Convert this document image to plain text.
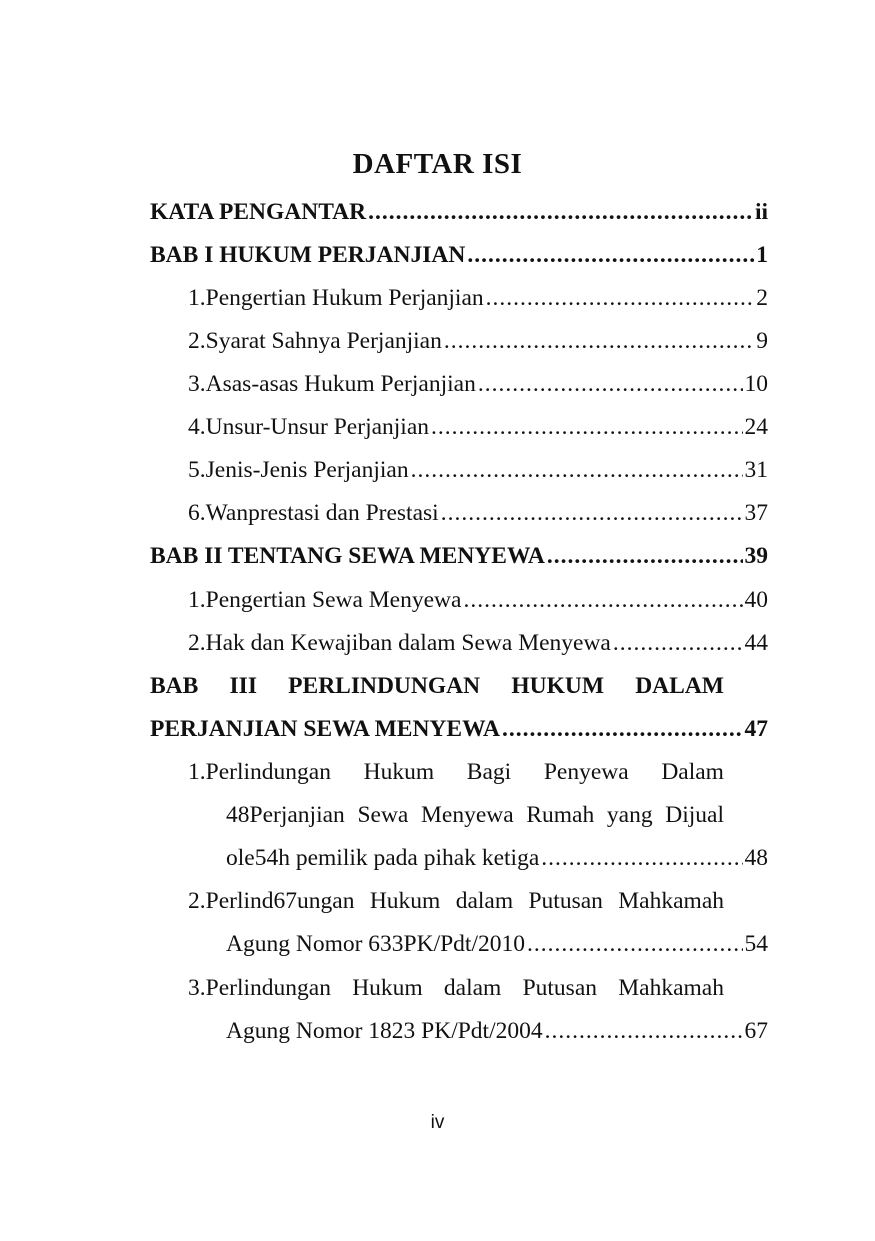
DAFTAR ISI
KATA PENGANTAR .....	ii
BAB I HUKUM PERJANJIAN .....	1
1.Pengertian Hukum Perjanjian .....	2
2.Syarat Sahnya Perjanjian .....	9
3.Asas-asas Hukum Perjanjian .....	10
4.Unsur-Unsur Perjanjian .....	24
5.Jenis-Jenis Perjanjian .....	31
6.Wanprestasi dan Prestasi .....	37
BAB II TENTANG SEWA MENYEWA .....	39
1.Pengertian Sewa Menyewa .....	40
2.Hak dan Kewajiban dalam Sewa Menyewa .....	44
BAB III PERLINDUNGAN HUKUM DALAM
PERJANJIAN SEWA MENYEWA .....	47
1.Perlindungan Hukum Bagi Penyewa Dalam
48Perjanjian Sewa Menyewa Rumah yang Dijual
ole54h pemilik pada pihak ketiga .....	48
2.Perlind67ungan Hukum dalam Putusan Mahkamah
Agung Nomor 633PK/Pdt/2010 .....	54
3.Perlindungan Hukum dalam Putusan Mahkamah
Agung Nomor 1823 PK/Pdt/2004 .....	67
iv
